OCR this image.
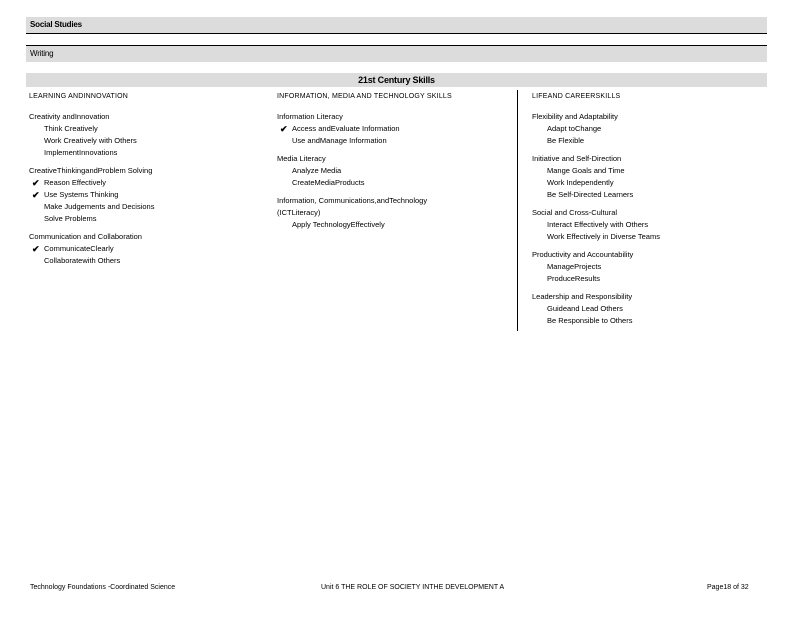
Social Studies
Writing
21st Century Skills
LEARNING ANDINNOVATION
Creativity andInnovation
Think Creatively
Work Creatively with Others
ImplementInnovations
CreativeThinkingandProblem Solving
✔ Reason Effectively
✔ Use Systems Thinking
Make Judgements and Decisions
Solve Problems
Communication and Collaboration
✔ CommunicateClearly
Collaboratewith Others
INFORMATION, MEDIA AND TECHNOLOGY SKILLS
Information Literacy
✔ Access andEvaluate Information
Use andManage Information
Media Literacy
Analyze Media
CreateMediaProducts
Information, Communications,andTechnology
(ICTLiteracy)
Apply TechnologyEffectively
LIFEAND CAREERSKILLS
Flexibility and Adaptability
Adapt toChange
Be Flexible
Initiative and Self-Direction
Mange Goals and Time
Work Independently
Be Self-Directed Learners
Social and Cross-Cultural
Interact Effectively with Others
Work Effectively in Diverse Teams
Productivity and Accountability
ManageProjects
ProduceResults
Leadership and Responsibility
Guideand Lead Others
Be Responsible to Others
Technology Foundations -Coordinated Science	Unit 6 THE ROLE OF SOCIETY INTHE DEVELOPMENT A	Page18 of 32
